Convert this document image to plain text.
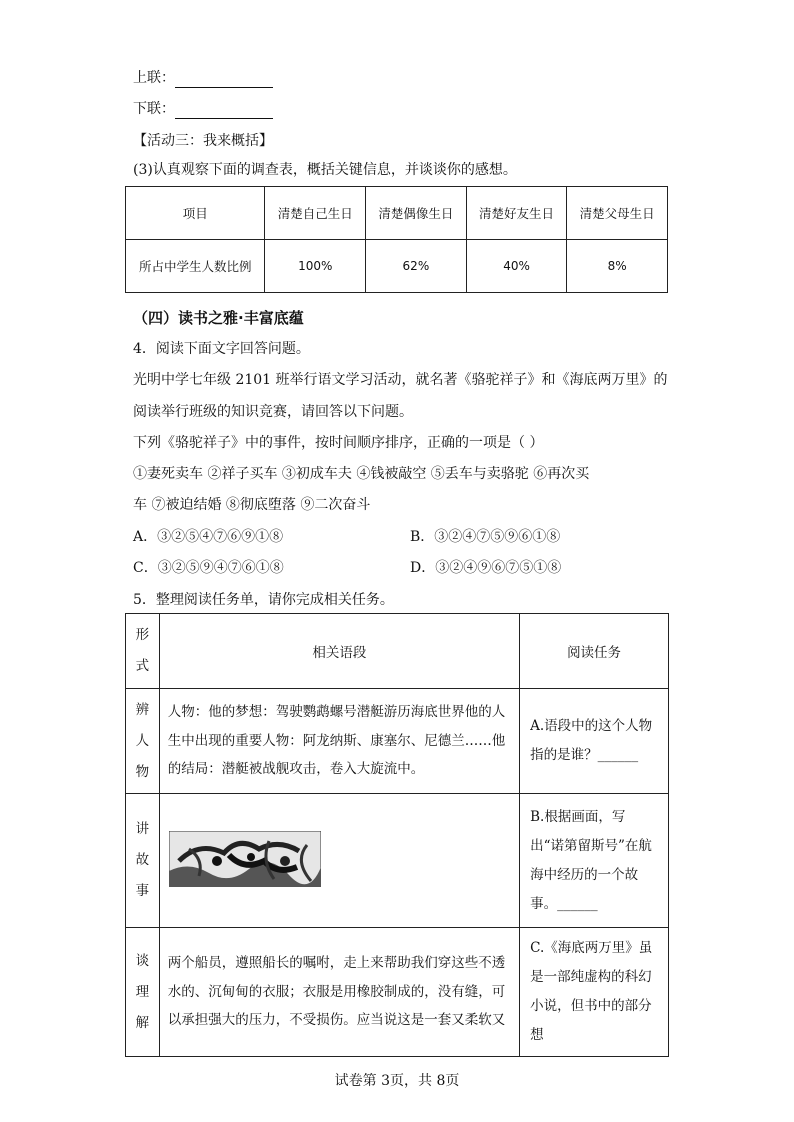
上联：
下联：
【活动三：我来概括】
(3)认真观察下面的调查表，概括关键信息，并谈谈你的感想。
项目	清楚自己生日	清楚偶像生日	清楚好友生日	清楚父母生日
所占中学生人数比例	100%	62%	40%	8%
（四）读书之雅·丰富底蕴
4．阅读下面文字回答问题。
光明中学七年级 2101 班举行语文学习活动，就名著《骆驼祥子》和《海底两万里》的
阅读举行班级的知识竞赛，请回答以下问题。
下列《骆驼祥子》中的事件，按时间顺序排序，正确的一项是（ ）
①妻死卖车 ②祥子买车 ③初成车夫 ④钱被敲空 ⑤丢车与卖骆驼 ⑥再次买
车 ⑦被迫结婚 ⑧彻底堕落 ⑨二次奋斗
A．③②⑤④⑦⑥⑨①⑧	B．③②④⑦⑤⑨⑥①⑧
C．③②⑤⑨④⑦⑥①⑧	D．③②④⑨⑥⑦⑤①⑧
5．整理阅读任务单，请你完成相关任务。
形
式	相关语段	阅读任务

辨
人
物	人物：他的梦想：驾驶鹦鹉螺号潜艇游历海底世界他的人生中出现的重要人物：阿龙纳斯、康塞尔、尼德兰……他的结局：潜艇被战舰攻击，卷入大旋流中。	A.语段中的这个人物指的是谁？______

讲
故
事		B.根据画面，写出“诺第留斯号”在航海中经历的一个故事。______

谈
理
解	两个船员，遵照船长的嘱咐，走上来帮助我们穿这些不透水的、沉甸甸的衣服；衣服是用橡胶制成的，没有缝，可以承担强大的压力，不受损伤。应当说这是一套又柔软又	C.《海底两万里》虽是一部纯虚构的科幻小说，但书中的部分想
试卷第 3页，共 8页
